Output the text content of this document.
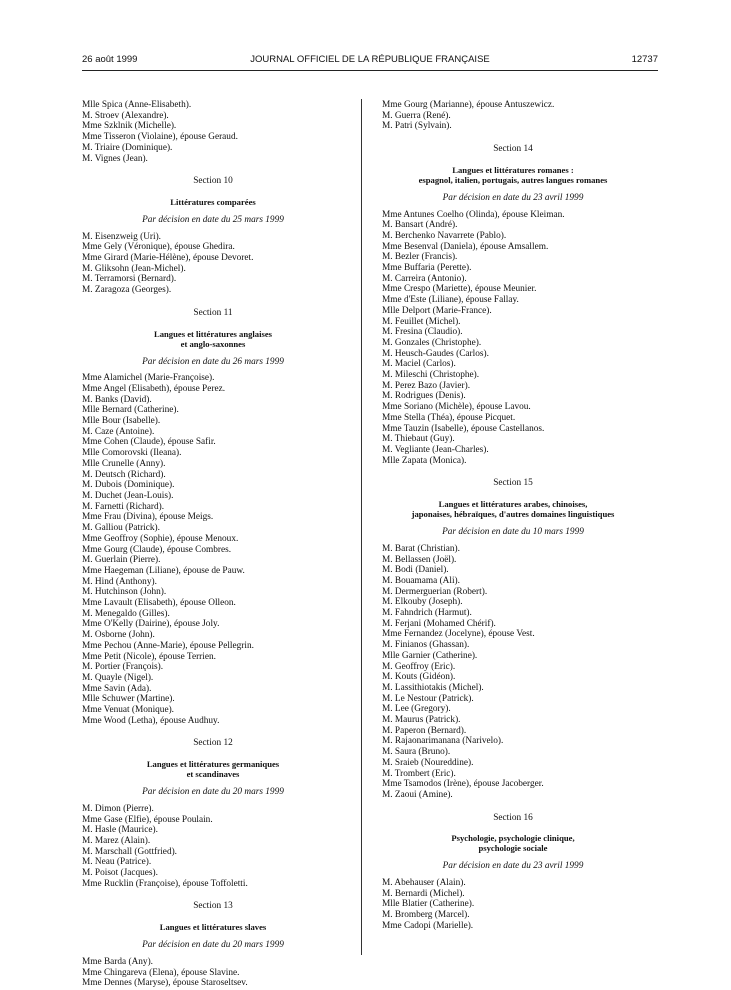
26 août 1999	JOURNAL OFFICIEL DE LA RÉPUBLIQUE FRANÇAISE	12737
Mlle Spica (Anne-Elisabeth).
M. Stroev (Alexandre).
Mme Szklnik (Michelle).
Mme Tisseron (Violaine), épouse Geraud.
M. Triaire (Dominique).
M. Vignes (Jean).
Section 10
Littératures comparées
Par décision en date du 25 mars 1999
M. Eisenzweig (Uri).
Mme Gely (Véronique), épouse Ghedira.
Mme Girard (Marie-Hélène), épouse Devoret.
M. Gliksohn (Jean-Michel).
M. Terramorsi (Bernard).
M. Zaragoza (Georges).
Section 11
Langues et littératures anglaises
et anglo-saxonnes
Par décision en date du 26 mars 1999
Mme Alamichel (Marie-Françoise).
Mme Angel (Elisabeth), épouse Perez.
M. Banks (David).
Mlle Bernard (Catherine).
Mlle Bour (Isabelle).
M. Caze (Antoine).
Mme Cohen (Claude), épouse Safir.
Mlle Comorovski (Ileana).
Mlle Crunelle (Anny).
M. Deutsch (Richard).
M. Dubois (Dominique).
M. Duchet (Jean-Louis).
M. Farnetti (Richard).
Mme Frau (Divina), épouse Meigs.
M. Galliou (Patrick).
Mme Geoffroy (Sophie), épouse Menoux.
Mme Gourg (Claude), épouse Combres.
M. Guerlain (Pierre).
Mme Haegeman (Liliane), épouse de Pauw.
M. Hind (Anthony).
M. Hutchinson (John).
Mme Lavault (Elisabeth), épouse Olleon.
M. Menegaldo (Gilles).
Mme O'Kelly (Dairine), épouse Joly.
M. Osborne (John).
Mme Pechou (Anne-Marie), épouse Pellegrin.
Mme Petit (Nicole), épouse Terrien.
M. Portier (François).
M. Quayle (Nigel).
Mme Savin (Ada).
Mlle Schuwer (Martine).
Mme Venuat (Monique).
Mme Wood (Letha), épouse Audhuy.
Section 12
Langues et littératures germaniques
et scandinaves
Par décision en date du 20 mars 1999
M. Dimon (Pierre).
Mme Gase (Elfie), épouse Poulain.
M. Hasle (Maurice).
M. Marez (Alain).
M. Marschall (Gottfried).
M. Neau (Patrice).
M. Poisot (Jacques).
Mme Rucklin (Françoise), épouse Toffoletti.
Section 13
Langues et littératures slaves
Par décision en date du 20 mars 1999
Mme Barda (Any).
Mme Chingareva (Elena), épouse Slavine.
Mme Dennes (Maryse), épouse Staroseltsev.
Mme Gourg (Marianne), épouse Antuszewicz.
M. Guerra (René).
M. Patri (Sylvain).
Section 14
Langues et littératures romanes :
espagnol, italien, portugais, autres langues romanes
Par décision en date du 23 avril 1999
Mme Antunes Coelho (Olinda), épouse Kleiman.
M. Bansart (André).
M. Berchenko Navarrete (Pablo).
Mme Besenval (Daniela), épouse Amsallem.
M. Bezler (Francis).
Mme Buffaria (Perette).
M. Carreira (Antonio).
Mme Crespo (Mariette), épouse Meunier.
Mme d'Este (Liliane), épouse Fallay.
Mlle Delport (Marie-France).
M. Feuillet (Michel).
M. Fresina (Claudio).
M. Gonzales (Christophe).
M. Heusch-Gaudes (Carlos).
M. Maciel (Carlos).
M. Mileschi (Christophe).
M. Perez Bazo (Javier).
M. Rodrigues (Denis).
Mme Soriano (Michèle), épouse Lavou.
Mme Stella (Théa), épouse Picquet.
Mme Tauzin (Isabelle), épouse Castellanos.
M. Thiebaut (Guy).
M. Vegliante (Jean-Charles).
Mlle Zapata (Monica).
Section 15
Langues et littératures arabes, chinoises,
japonaises, hébraïques, d'autres domaines linguistiques
Par décision en date du 10 mars 1999
M. Barat (Christian).
M. Bellassen (Joël).
M. Bodi (Daniel).
M. Bouamama (Ali).
M. Dermerguerian (Robert).
M. Elkouby (Joseph).
M. Fahndrich (Harmut).
M. Ferjani (Mohamed Chérif).
Mme Fernandez (Jocelyne), épouse Vest.
M. Finianos (Ghassan).
Mlle Garnier (Catherine).
M. Geoffroy (Eric).
M. Kouts (Gidéon).
M. Lassithiotakis (Michel).
M. Le Nestour (Patrick).
M. Lee (Gregory).
M. Maurus (Patrick).
M. Paperon (Bernard).
M. Rajaonarimanana (Narivelo).
M. Saura (Bruno).
M. Sraieb (Noureddine).
M. Trombert (Eric).
Mme Tsamodos (Irène), épouse Jacoberger.
M. Zaoui (Amine).
Section 16
Psychologie, psychologie clinique,
psychologie sociale
Par décision en date du 23 avril 1999
M. Abehauser (Alain).
M. Bernardi (Michel).
Mlle Blatier (Catherine).
M. Bromberg (Marcel).
Mme Cadopi (Marielle).
